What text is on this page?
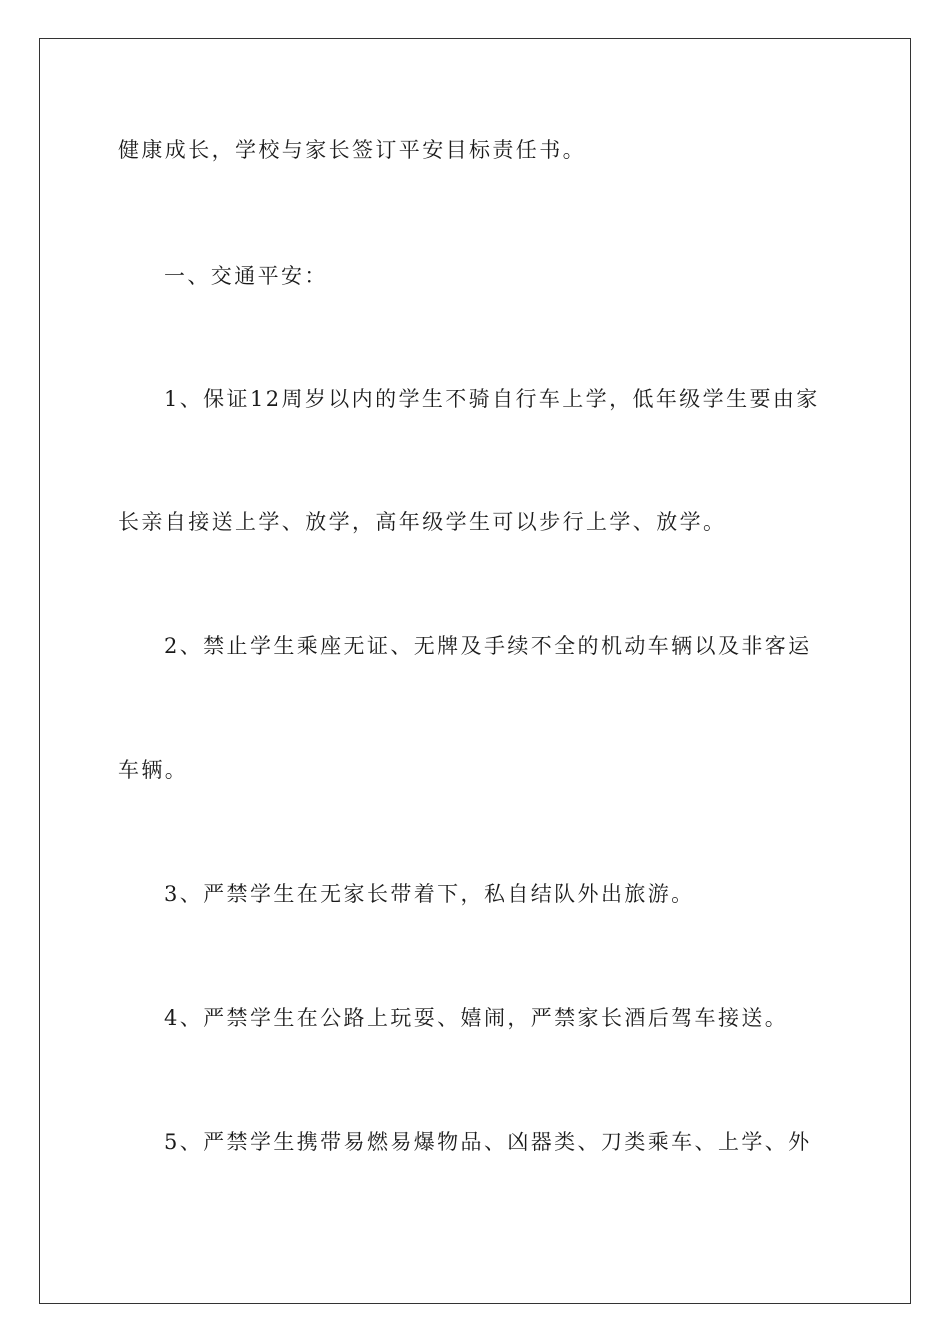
健康成长，学校与家长签订平安目标责任书。
一、交通平安：
1、保证12周岁以内的学生不骑自行车上学，低年级学生要由家
长亲自接送上学、放学，高年级学生可以步行上学、放学。
2、禁止学生乘座无证、无牌及手续不全的机动车辆以及非客运
车辆。
3、严禁学生在无家长带着下，私自结队外出旅游。
4、严禁学生在公路上玩耍、嬉闹，严禁家长酒后驾车接送。
5、严禁学生携带易燃易爆物品、凶器类、刀类乘车、上学、外
